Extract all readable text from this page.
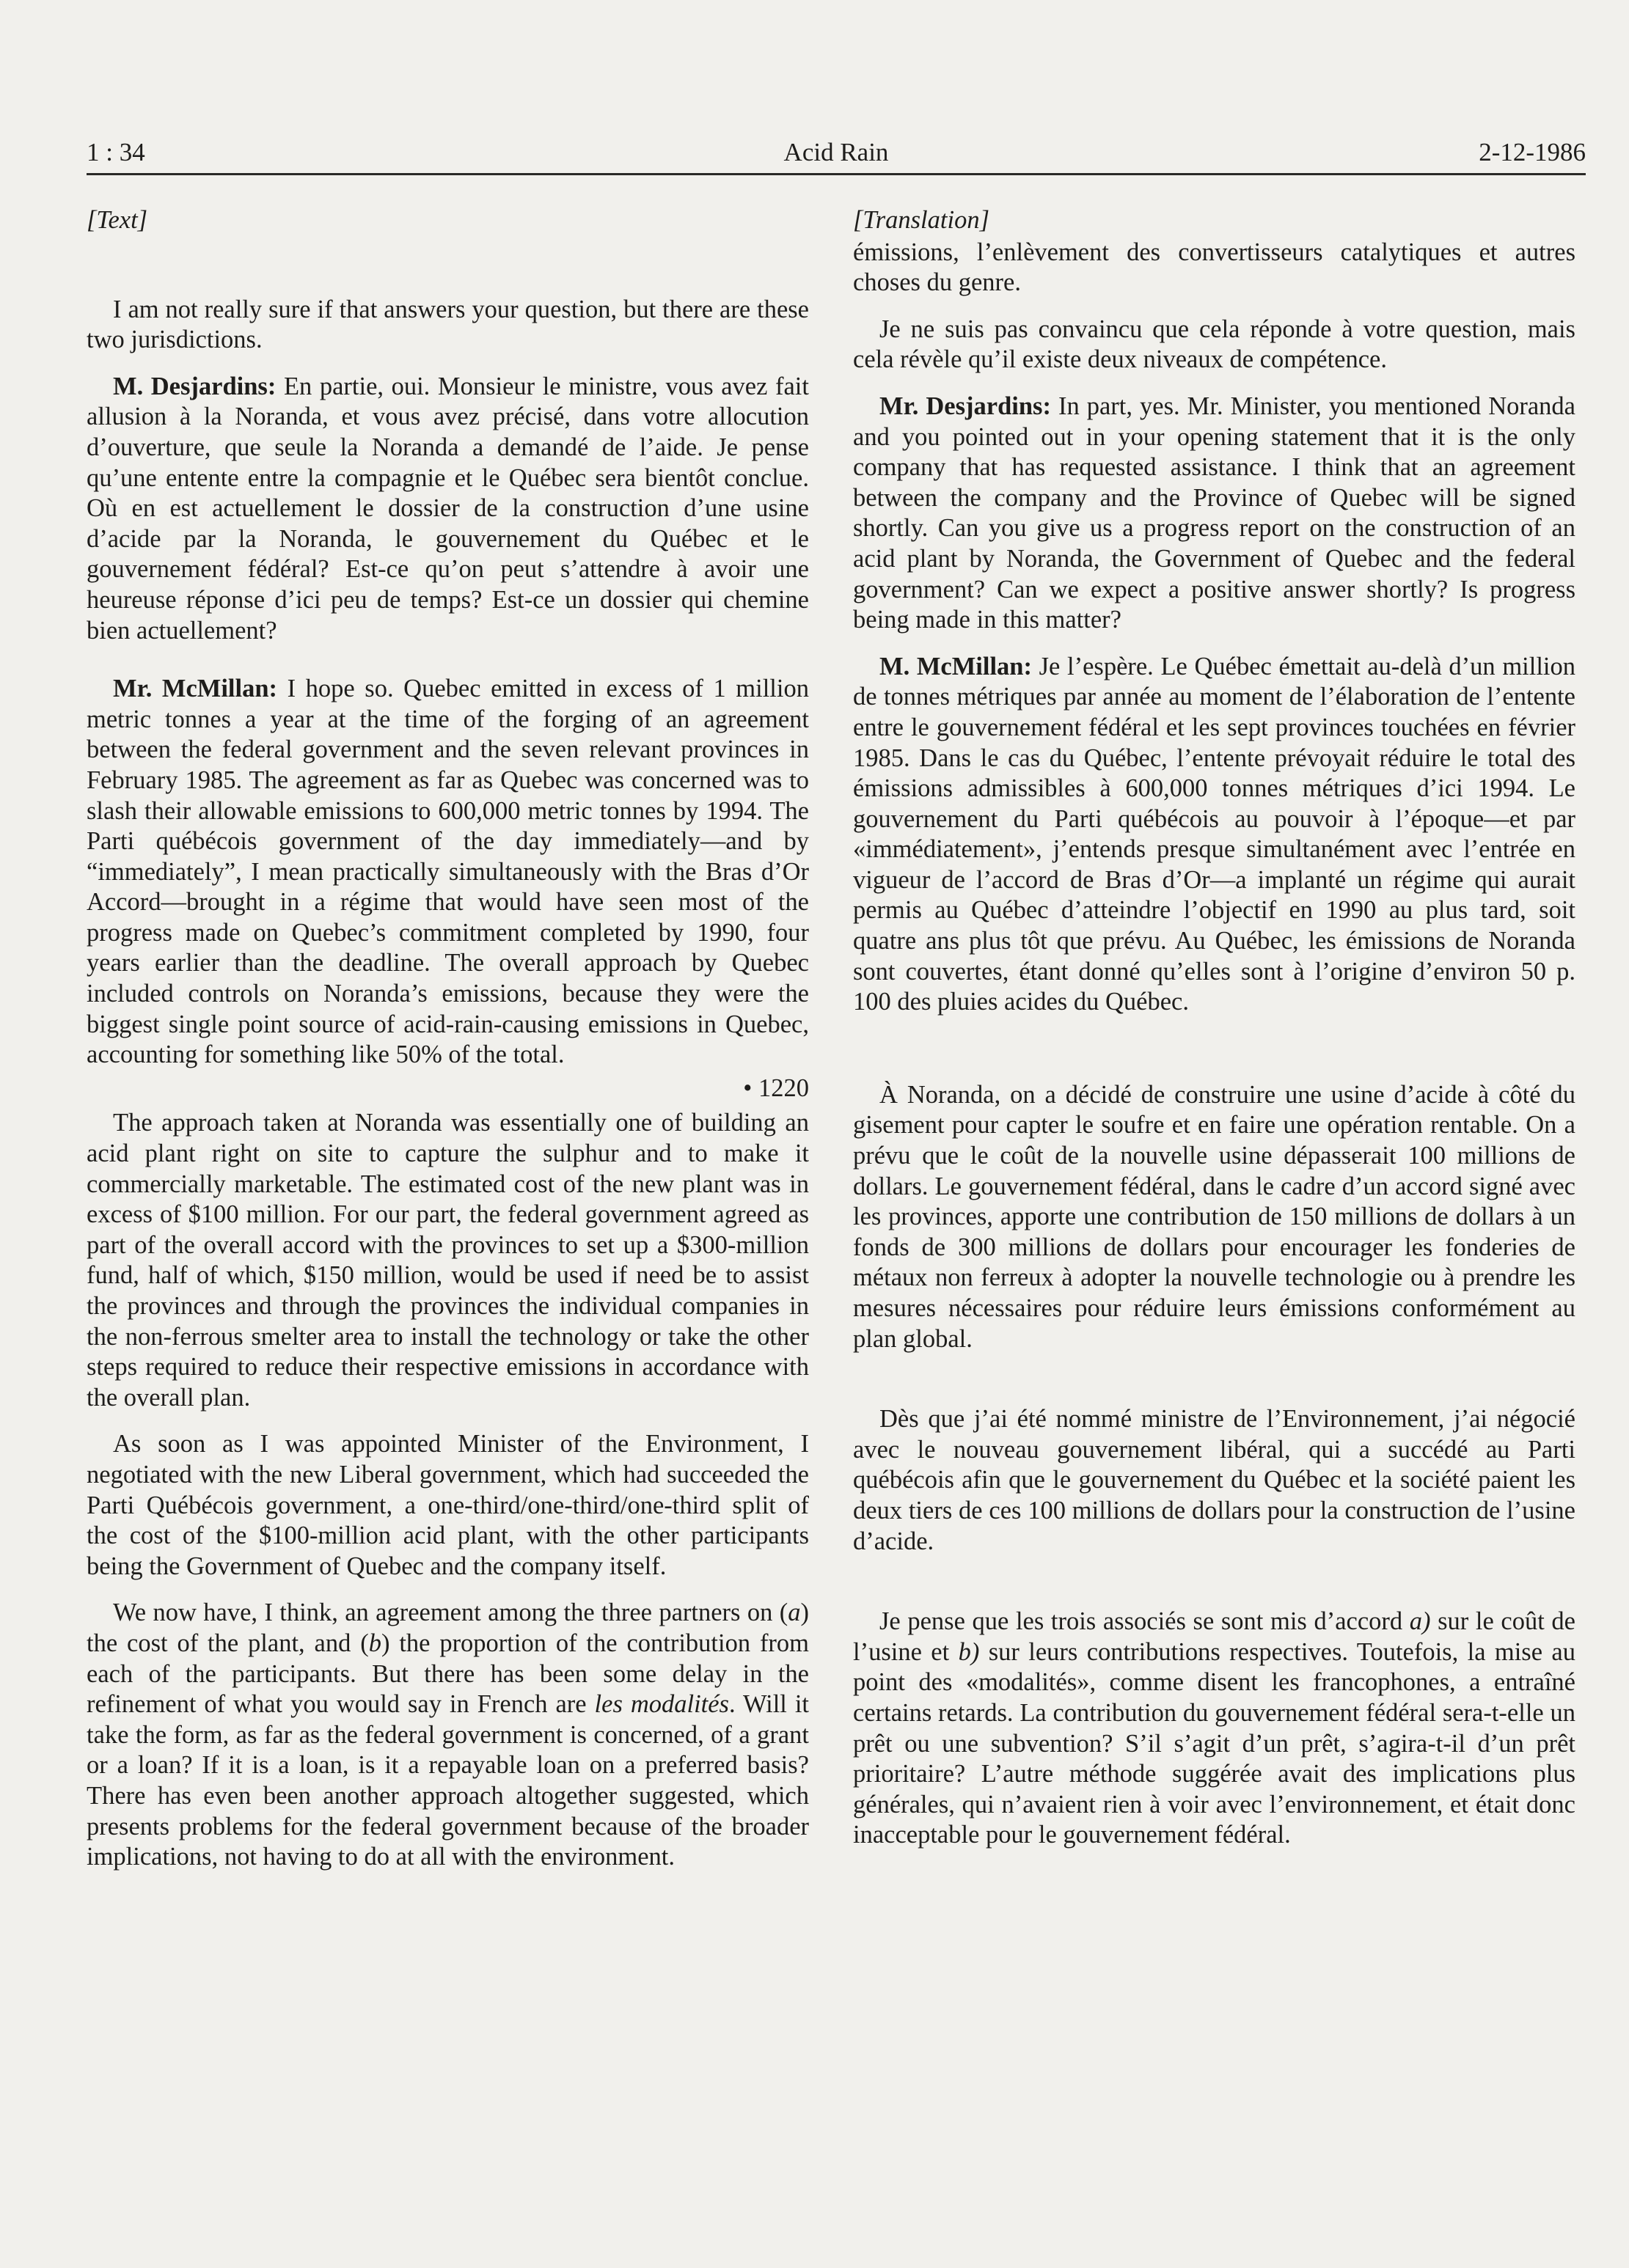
1 : 34	Acid Rain	2-12-1986
[Text]

I am not really sure if that answers your question, but there are these two jurisdictions.

M. Desjardins: En partie, oui. Monsieur le ministre, vous avez fait allusion à la Noranda, et vous avez précisé, dans votre allocution d’ouverture, que seule la Noranda a demandé de l’aide. Je pense qu’une entente entre la compagnie et le Québec sera bientôt conclue. Où en est actuellement le dossier de la construction d’une usine d’acide par la Noranda, le gouvernement du Québec et le gouvernement fédéral? Est-ce qu’on peut s’attendre à avoir une heureuse réponse d’ici peu de temps? Est-ce un dossier qui chemine bien actuellement?

Mr. McMillan: I hope so. Quebec emitted in excess of 1 million metric tonnes a year at the time of the forging of an agreement between the federal government and the seven relevant provinces in February 1985. The agreement as far as Quebec was concerned was to slash their allowable emissions to 600,000 metric tonnes by 1994. The Parti québécois government of the day immediately—and by “immediately”, I mean practically simultaneously with the Bras d’Or Accord—brought in a régime that would have seen most of the progress made on Quebec’s commitment completed by 1990, four years earlier than the deadline. The overall approach by Quebec included controls on Noranda’s emissions, because they were the biggest single point source of acid-rain-causing emissions in Quebec, accounting for something like 50% of the total.

• 1220

The approach taken at Noranda was essentially one of building an acid plant right on site to capture the sulphur and to make it commercially marketable. The estimated cost of the new plant was in excess of $100 million. For our part, the federal government agreed as part of the overall accord with the provinces to set up a $300-million fund, half of which, $150 million, would be used if need be to assist the provinces and through the provinces the individual companies in the non-ferrous smelter area to install the technology or take the other steps required to reduce their respective emissions in accordance with the overall plan.

As soon as I was appointed Minister of the Environment, I negotiated with the new Liberal government, which had succeeded the Parti Québécois government, a one-third/one-third/one-third split of the cost of the $100-million acid plant, with the other participants being the Government of Quebec and the company itself.

We now have, I think, an agreement among the three partners on (a) the cost of the plant, and (b) the proportion of the contribution from each of the participants. But there has been some delay in the refinement of what you would say in French are les modalités. Will it take the form, as far as the federal government is concerned, of a grant or a loan? If it is a loan, is it a repayable loan on a preferred basis? There has even been another approach altogether suggested, which presents problems for the federal government because of the broader implications, not having to do at all with the environment.

[Translation]

émissions, l’enlèvement des convertisseurs catalytiques et autres choses du genre.

Je ne suis pas convaincu que cela réponde à votre question, mais cela révèle qu’il existe deux niveaux de compétence.

Mr. Desjardins: In part, yes. Mr. Minister, you mentioned Noranda and you pointed out in your opening statement that it is the only company that has requested assistance. I think that an agreement between the company and the Province of Quebec will be signed shortly. Can you give us a progress report on the construction of an acid plant by Noranda, the Government of Quebec and the federal government? Can we expect a positive answer shortly? Is progress being made in this matter?

M. McMillan: Je l’espère. Le Québec émettait au-delà d’un million de tonnes métriques par année au moment de l’élaboration de l’entente entre le gouvernement fédéral et les sept provinces touchées en février 1985. Dans le cas du Québec, l’entente prévoyait réduire le total des émissions admissibles à 600,000 tonnes métriques d’ici 1994. Le gouvernement du Parti québécois au pouvoir à l’époque—et par «immédiatement», j’entends presque simultanément avec l’entrée en vigueur de l’accord de Bras d’Or—a implanté un régime qui aurait permis au Québec d’atteindre l’objectif en 1990 au plus tard, soit quatre ans plus tôt que prévu. Au Québec, les émissions de Noranda sont couvertes, étant donné qu’elles sont à l’origine d’environ 50 p. 100 des pluies acides du Québec.

À Noranda, on a décidé de construire une usine d’acide à côté du gisement pour capter le soufre et en faire une opération rentable. On a prévu que le coût de la nouvelle usine dépasserait 100 millions de dollars. Le gouvernement fédéral, dans le cadre d’un accord signé avec les provinces, apporte une contribution de 150 millions de dollars à un fonds de 300 millions de dollars pour encourager les fonderies de métaux non ferreux à adopter la nouvelle technologie ou à prendre les mesures nécessaires pour réduire leurs émissions conformément au plan global.

Dès que j’ai été nommé ministre de l’Environnement, j’ai négocié avec le nouveau gouvernement libéral, qui a succédé au Parti québécois afin que le gouvernement du Québec et la société paient les deux tiers de ces 100 millions de dollars pour la construction de l’usine d’acide.

Je pense que les trois associés se sont mis d’accord a) sur le coût de l’usine et b) sur leurs contributions respectives. Toutefois, la mise au point des «modalités», comme disent les francophones, a entraîné certains retards. La contribution du gouvernement fédéral sera-t-elle un prêt ou une subvention? S’il s’agit d’un prêt, s’agira-t-il d’un prêt prioritaire? L’autre méthode suggérée avait des implications plus générales, qui n’avaient rien à voir avec l’environnement, et était donc inacceptable pour le gouvernement fédéral.
